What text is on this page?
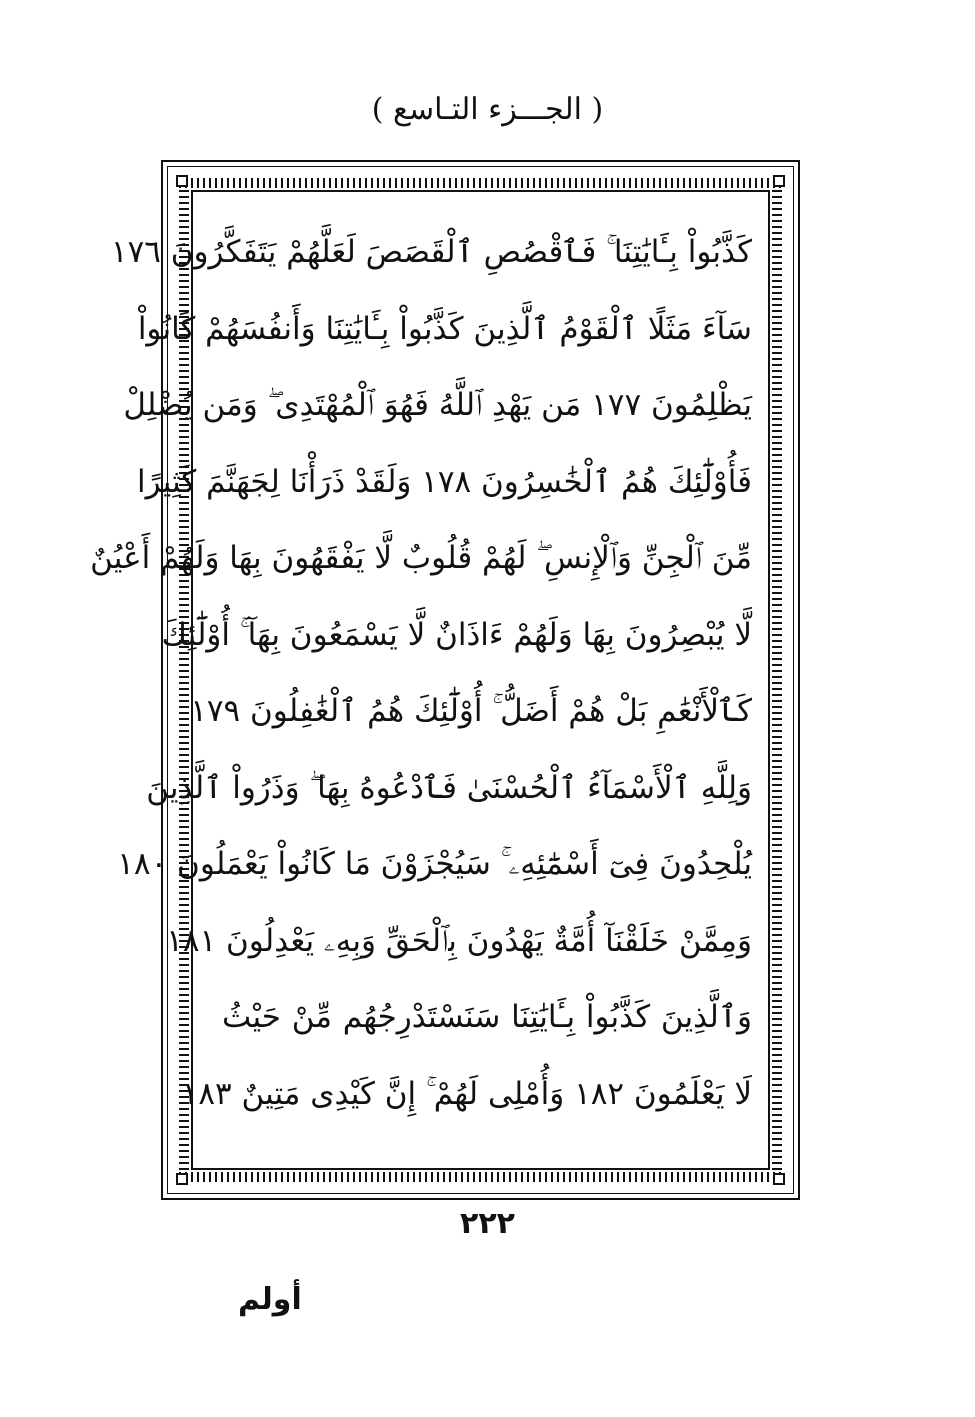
( الجـــزء التـاسع )
كَذَّبُواْ بِـَٔايَٰتِنَا ۚ فَٱقْصُصِ ٱلْقَصَصَ لَعَلَّهُمْ يَتَفَكَّرُونَ ١٧٦
سَآءَ مَثَلًا ٱلْقَوْمُ ٱلَّذِينَ كَذَّبُواْ بِـَٔايَٰتِنَا وَأَنفُسَهُمْ كَانُواْ
يَظْلِمُونَ ١٧٧ مَن يَهْدِ ٱللَّهُ فَهُوَ ٱلْمُهْتَدِى ۖ وَمَن يُضْلِلْ
فَأُوْلَٰٓئِكَ هُمُ ٱلْخَٰسِرُونَ ١٧٨ وَلَقَدْ ذَرَأْنَا لِجَهَنَّمَ كَثِيرًا
مِّنَ ٱلْجِنِّ وَٱلْإِنسِ ۖ لَهُمْ قُلُوبٌ لَّا يَفْقَهُونَ بِهَا وَلَهُمْ أَعْيُنٌ
لَّا يُبْصِرُونَ بِهَا وَلَهُمْ ءَاذَانٌ لَّا يَسْمَعُونَ بِهَآ ۚ أُوْلَٰٓئِكَ
كَٱلْأَنْعَٰمِ بَلْ هُمْ أَضَلُّ ۚ أُوْلَٰٓئِكَ هُمُ ٱلْغَٰفِلُونَ ١٧٩
وَلِلَّهِ ٱلْأَسْمَآءُ ٱلْحُسْنَىٰ فَٱدْعُوهُ بِهَا ۖ وَذَرُواْ ٱلَّذِينَ
يُلْحِدُونَ فِىٓ أَسْمَٰٓئِهِۦ ۚ سَيُجْزَوْنَ مَا كَانُواْ يَعْمَلُونَ ١٨٠
وَمِمَّنْ خَلَقْنَآ أُمَّةٌ يَهْدُونَ بِٱلْحَقِّ وَبِهِۦ يَعْدِلُونَ ١٨١
وَٱلَّذِينَ كَذَّبُواْ بِـَٔايَٰتِنَا سَنَسْتَدْرِجُهُم مِّنْ حَيْثُ
لَا يَعْلَمُونَ ١٨٢ وَأُمْلِى لَهُمْ ۚ إِنَّ كَيْدِى مَتِينٌ ١٨٣
٢٢٢
أولم
